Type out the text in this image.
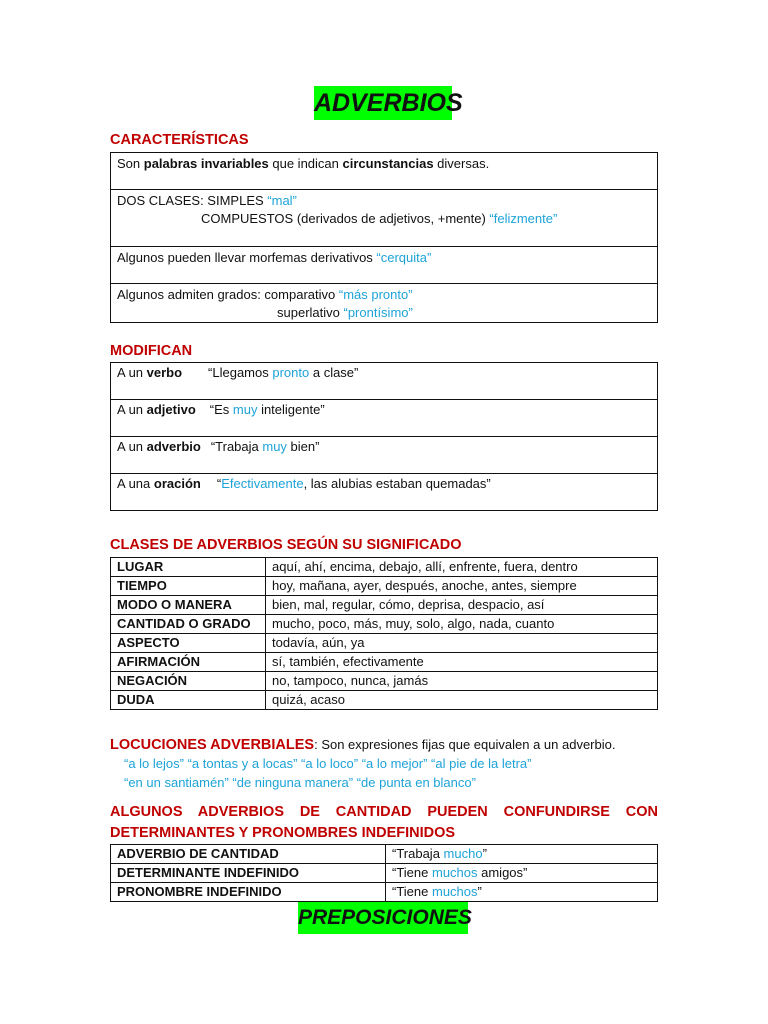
ADVERBIOS
CARACTERÍSTICAS
Son palabras invariables que indican circunstancias diversas.

DOS CLASES: SIMPLES “mal”
COMPUESTOS (derivados de adjetivos, +mente) “felizmente”

Algunos pueden llevar morfemas derivativos “cerquita”

Algunos admiten grados: comparativo “más pronto”
superlativo “prontísimo”
MODIFICAN
A un verbo “Llegamos pronto a clase”
A un adjetivo “Es muy inteligente”
A un adverbio “Trabaja muy bien”
A una oración “Efectivamente, las alubias estaban quemadas”
CLASES DE ADVERBIOS SEGÚN SU SIGNIFICADO
LUGAR	aquí, ahí, encima, debajo, allí, enfrente, fuera, dentro
TIEMPO	hoy, mañana, ayer, después, anoche, antes, siempre
MODO O MANERA	bien, mal, regular, cómo, deprisa, despacio, así
CANTIDAD O GRADO	mucho, poco, más, muy, solo, algo, nada, cuanto
ASPECTO	todavía, aún, ya
AFIRMACIÓN	sí, también, efectivamente
NEGACIÓN	no, tampoco, nunca, jamás
DUDA	quizá, acaso
LOCUCIONES ADVERBIALES: Son expresiones fijas que equivalen a un adverbio.
“a lo lejos” “a tontas y a locas” “a lo loco” “a lo mejor” “al pie de la letra”
“en un santiamén” “de ninguna manera” “de punta en blanco”
ALGUNOS ADVERBIOS DE CANTIDAD PUEDEN CONFUNDIRSE CON
DETERMINANTES Y PRONOMBRES INDEFINIDOS
ADVERBIO DE CANTIDAD	“Trabaja mucho”
DETERMINANTE INDEFINIDO	“Tiene muchos amigos”
PRONOMBRE INDEFINIDO	“Tiene muchos”
PREPOSICIONES
